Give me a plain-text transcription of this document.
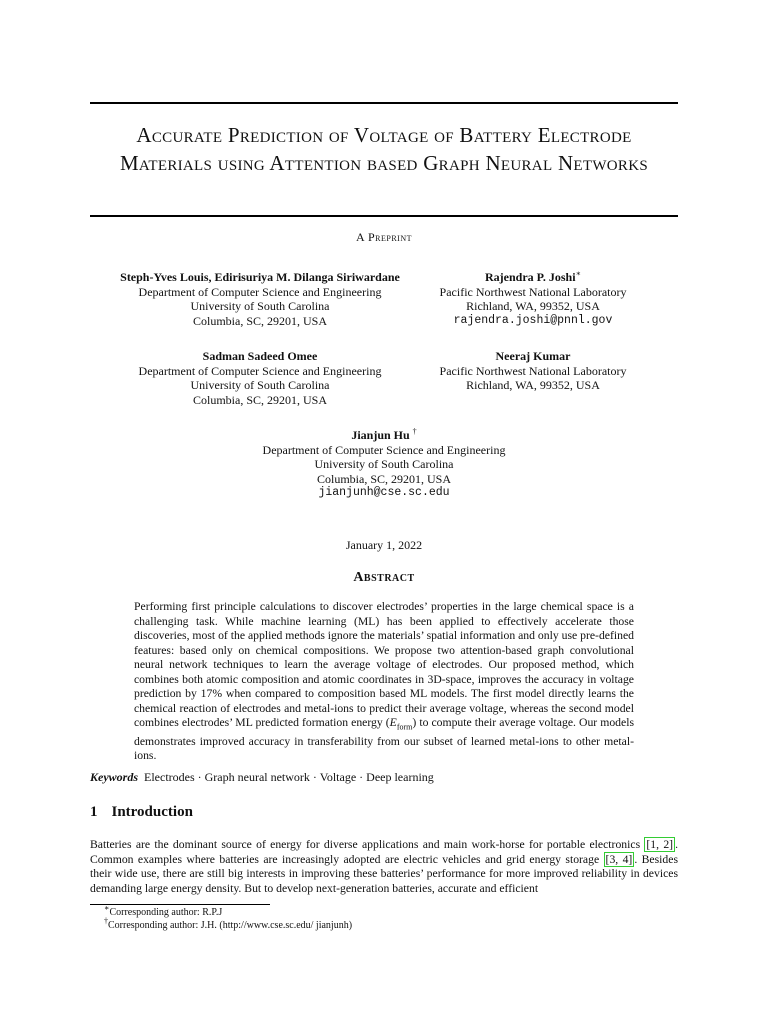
Accurate Prediction of Voltage of Battery Electrode Materials using Attention based Graph Neural Networks
A Preprint
Steph-Yves Louis, Edirisuriya M. Dilanga Siriwardane
Department of Computer Science and Engineering
University of South Carolina
Columbia, SC, 29201, USA
Rajendra P. Joshi∗
Pacific Northwest National Laboratory
Richland, WA, 99352, USA
rajendra.joshi@pnnl.gov
Sadman Sadeed Omee
Department of Computer Science and Engineering
University of South Carolina
Columbia, SC, 29201, USA
Neeraj Kumar
Pacific Northwest National Laboratory
Richland, WA, 99352, USA
Jianjun Hu †
Department of Computer Science and Engineering
University of South Carolina
Columbia, SC, 29201, USA
jianjunh@cse.sc.edu
January 1, 2022
Abstract
Performing first principle calculations to discover electrodes’ properties in the large chemical space is a challenging task. While machine learning (ML) has been applied to effectively accelerate those discoveries, most of the applied methods ignore the materials’ spatial information and only use pre-defined features: based only on chemical compositions. We propose two attention-based graph convolutional neural network techniques to learn the average voltage of electrodes. Our proposed method, which combines both atomic composition and atomic coordinates in 3D-space, improves the accuracy in voltage prediction by 17% when compared to composition based ML models. The first model directly learns the chemical reaction of electrodes and metal-ions to predict their average voltage, whereas the second model combines electrodes’ ML predicted formation energy $(E_{form})$ to compute their average voltage. Our models demonstrates improved accuracy in transferability from our subset of learned metal-ions to other metal-ions.
Keywords Electrodes · Graph neural network · Voltage · Deep learning
1 Introduction
Batteries are the dominant source of energy for diverse applications and main work-horse for portable electronics [1, 2] . Common examples where batteries are increasingly adopted are electric vehicles and grid energy storage [3, 4] . Besides their wide use, there are still big interests in improving these batteries’ performance for more improved reliability in devices demanding large energy density. But to develop next-generation batteries, accurate and efficient
∗Corresponding author: R.P.J
†Corresponding author: J.H. (http://www.cse.sc.edu/ jianjunh)
